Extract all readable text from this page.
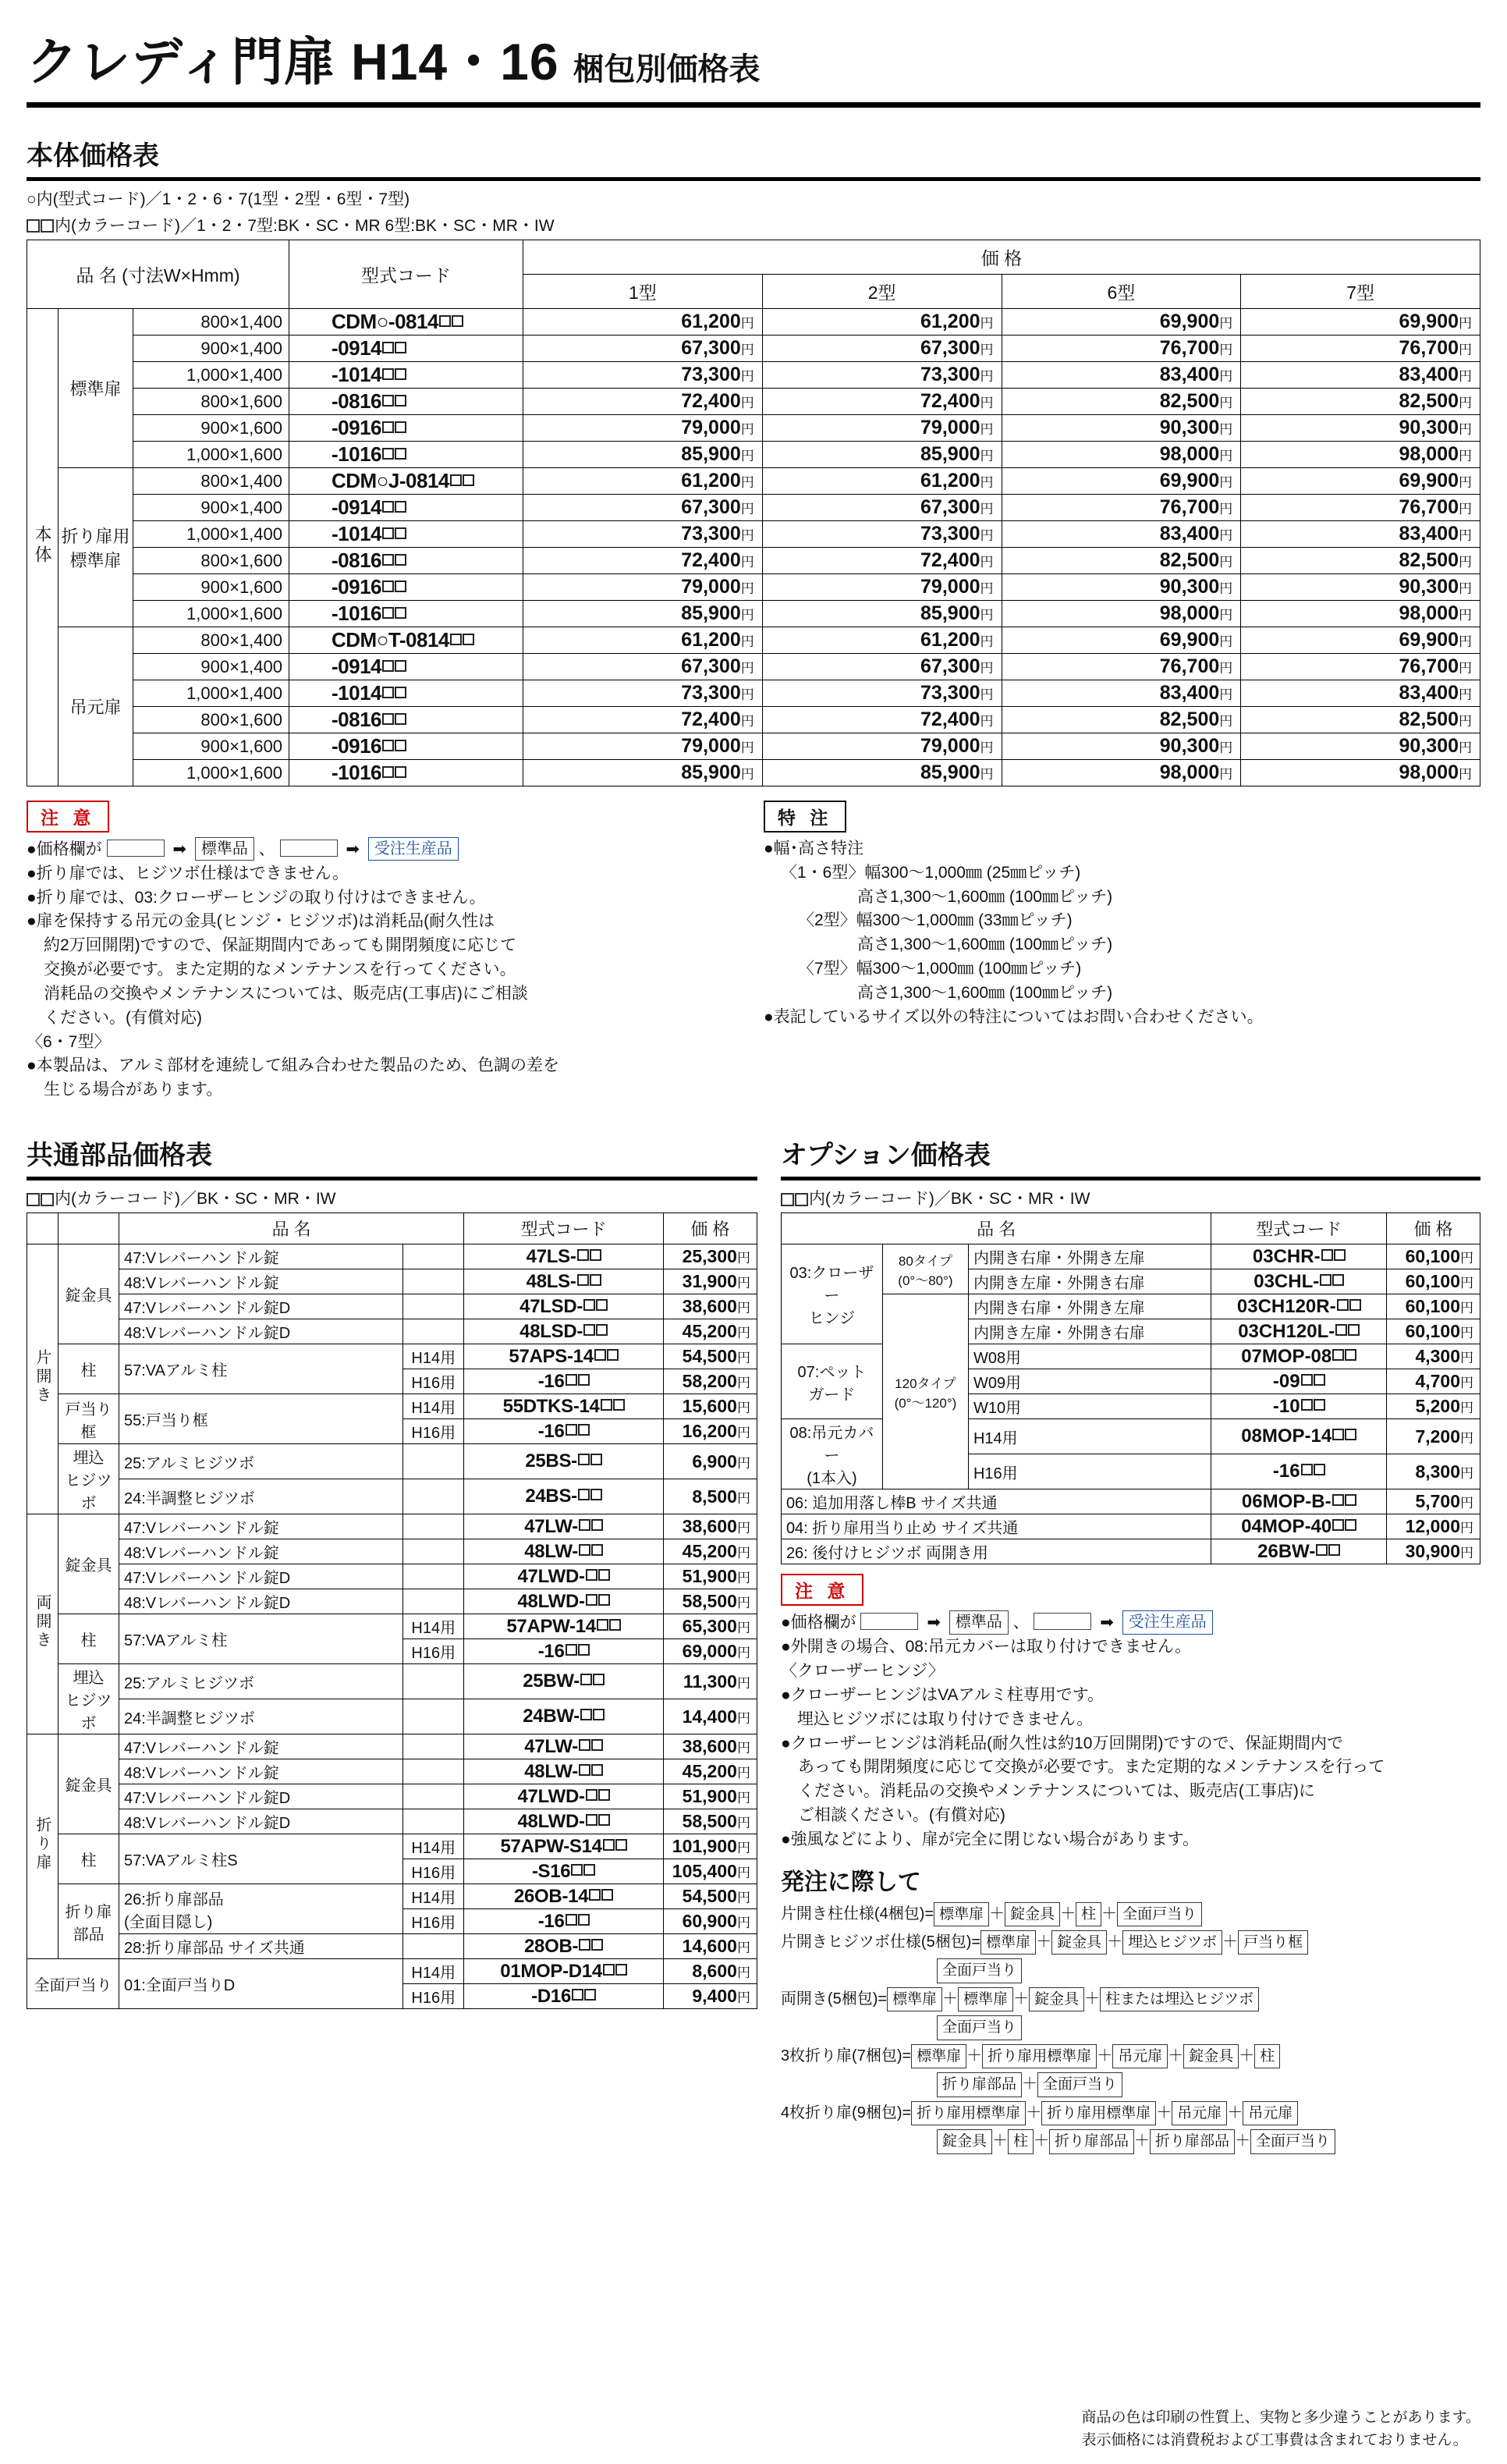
クレディ門扉 H14・16 梱包別価格表
本体価格表
○内(型式コード)／1・2・6・7(1型・2型・6型・7型)
内(カラーコード)／1・2・7型:BK・SC・MR 6型:BK・SC・MR・IW
品 名 (寸法W×Hmm)			型式コード	価 格			
				1型	2型	6型	7型
本体	標準扉	800×1,400	CDM○-0814	61,200円	61,200円	69,900円	69,900円
		900×1,400	-0914	67,300円	67,300円	76,700円	76,700円
		1,000×1,400	-1014	73,300円	73,300円	83,400円	83,400円
		800×1,600	-0816	72,400円	72,400円	82,500円	82,500円
		900×1,600	-0916	79,000円	79,000円	90,300円	90,300円
		1,000×1,600	-1016	85,900円	85,900円	98,000円	98,000円
	折り扉用
標準扉	800×1,400	CDM○J-0814	61,200円	61,200円	69,900円	69,900円
		900×1,400	-0914	67,300円	67,300円	76,700円	76,700円
		1,000×1,400	-1014	73,300円	73,300円	83,400円	83,400円
		800×1,600	-0816	72,400円	72,400円	82,500円	82,500円
		900×1,600	-0916	79,000円	79,000円	90,300円	90,300円
		1,000×1,600	-1016	85,900円	85,900円	98,000円	98,000円
	吊元扉	800×1,400	CDM○T-0814	61,200円	61,200円	69,900円	69,900円
		900×1,400	-0914	67,300円	67,300円	76,700円	76,700円
		1,000×1,400	-1014	73,300円	73,300円	83,400円	83,400円
		800×1,600	-0816	72,400円	72,400円	82,500円	82,500円
		900×1,600	-0916	79,000円	79,000円	90,300円	90,300円
		1,000×1,600	-1016	85,900円	85,900円	98,000円	98,000円
注 意

●価格欄が	➡ 標準品 、	➡ 受注生産品

●折り扉では、ヒジツボ仕様はできません。

●折り扉では、03:クローザーヒンジの取り付けはできません。

●扉を保持する吊元の金具(ヒンジ・ヒジツボ)は消耗品(耐久性は

約2万回開閉)ですので、保証期間内であっても開閉頻度に応じて

交換が必要です。また定期的なメンテナンスを行ってください。

消耗品の交換やメンテナンスについては、販売店(工事店)にご相談

ください。(有償対応)

〈6・7型〉

●本製品は、アルミ部材を連続して組み合わせた製品のため、色調の差を

生じる場合があります。

特 注

●幅･高さ特注

〈1・6型〉幅300～1,000㎜ (25㎜ピッチ)

高さ1,300～1,600㎜ (100㎜ピッチ)

〈2型〉幅300～1,000㎜ (33㎜ピッチ)

高さ1,300～1,600㎜ (100㎜ピッチ)

〈7型〉幅300～1,000㎜ (100㎜ピッチ)

高さ1,300～1,600㎜ (100㎜ピッチ)

●表記しているサイズ以外の特注についてはお問い合わせください。

共通部品価格表
内(カラーコード)／BK・SC・MR・IW
		品 名		型式コード	価 格
片開き	錠金具	47:Vレバーハンドル錠		47LS-	25,300円
		48:Vレバーハンドル錠		48LS-	31,900円
		47:Vレバーハンドル錠D		47LSD-	38,600円
		48:Vレバーハンドル錠D		48LSD-	45,200円
	柱	57:VAアルミ柱	H14用	57APS-14	54,500円
			H16用	-16	58,200円
	戸当り框	55:戸当り框	H14用	55DTKS-14	15,600円
			H16用	-16	16,200円
	埋込
ヒジツボ	25:アルミヒジツボ		25BS-	6,900円
		24:半調整ヒジツボ		24BS-	8,500円
両開き	錠金具	47:Vレバーハンドル錠		47LW-	38,600円
		48:Vレバーハンドル錠		48LW-	45,200円
		47:Vレバーハンドル錠D		47LWD-	51,900円
		48:Vレバーハンドル錠D		48LWD-	58,500円
	柱	57:VAアルミ柱	H14用	57APW-14	65,300円
			H16用	-16	69,000円
	埋込
ヒジツボ	25:アルミヒジツボ		25BW-	11,300円
		24:半調整ヒジツボ		24BW-	14,400円
折り扉	錠金具	47:Vレバーハンドル錠		47LW-	38,600円
		48:Vレバーハンドル錠		48LW-	45,200円
		47:Vレバーハンドル錠D		47LWD-	51,900円
		48:Vレバーハンドル錠D		48LWD-	58,500円
	柱	57:VAアルミ柱S	H14用	57APW-S14	101,900円
			H16用	-S16	105,400円
	折り扉
部品	26:折り扉部品
(全面目隠し)	H14用	26OB-14	54,500円
			H16用	-16	60,900円
		28:折り扉部品 サイズ共通		28OB-	14,600円
全面戸当り		01:全面戸当りD	H14用	01MOP-D14	8,600円
			H16用	-D16	9,400円
オプション価格表
内(カラーコード)／BK・SC・MR・IW
品 名			型式コード	価 格
03:クローザー
ヒンジ	80タイプ
(0°～80°)	内開き右扉・外開き左扉	03CHR-	60,100円
		内開き左扉・外開き右扉	03CHL-	60,100円
	120タイプ
(0°～120°)	内開き右扉・外開き左扉	03CH120R-	60,100円
		内開き左扉・外開き右扉	03CH120L-	60,100円
07:ペット
ガード		W08用	07MOP-08	4,300円
		W09用	-09	4,700円
		W10用	-10	5,200円
08:吊元カバー
(1本入)		H14用	08MOP-14	7,200円
		H16用	-16	8,300円
06: 追加用落し棒B サイズ共通			06MOP-B-	5,700円
04: 折り扉用当り止め サイズ共通			04MOP-40	12,000円
26: 後付けヒジツボ 両開き用			26BW-	30,900円
注 意

●価格欄が	➡ 標準品 、	➡ 受注生産品

●外開きの場合、08:吊元カバーは取り付けできません。

〈クローザーヒンジ〉

●クローザーヒンジはVAアルミ柱専用です。

　埋込ヒジツボには取り付けできません。

●クローザーヒンジは消耗品(耐久性は約10万回開閉)ですので、保証期間内で

あっても開閉頻度に応じて交換が必要です。また定期的なメンテナンスを行って

ください。消耗品の交換やメンテナンスについては、販売店(工事店)に

ご相談ください。(有償対応)

●強風などにより、扉が完全に閉じない場合があります。

発注に際して
片開き柱仕様(4梱包)= 標準扉 ＋ 錠金具 ＋ 柱 ＋ 全面戸当り
片開きヒジツボ仕様(5梱包)= 標準扉 ＋ 錠金具 ＋ 埋込ヒジツボ ＋ 戸当り框
全面戸当り
両開き(5梱包)= 標準扉 ＋ 標準扉 ＋ 錠金具 ＋ 柱または埋込ヒジツボ
全面戸当り
3枚折り扉(7梱包)= 標準扉 ＋ 折り扉用標準扉 ＋ 吊元扉 ＋ 錠金具 ＋ 柱
折り扉部品 ＋ 全面戸当り
4枚折り扉(9梱包)= 折り扉用標準扉 ＋ 折り扉用標準扉 ＋ 吊元扉 ＋ 吊元扉
錠金具 ＋ 柱 ＋ 折り扉部品 ＋ 折り扉部品 ＋ 全面戸当り
商品の色は印刷の性質上、実物と多少違うことがあります。
表示価格には消費税および工事費は含まれておりません。
